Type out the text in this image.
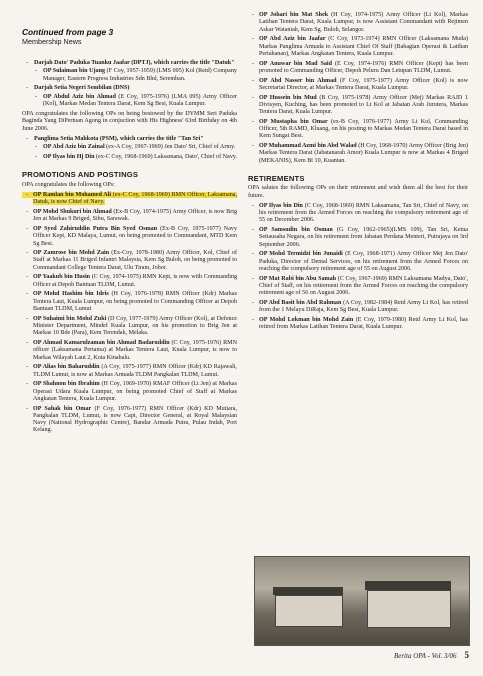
Continued from page 3
Membership News
- Darjah Dato' Paduka Tuanku Jaafar (DPTJ), which carries the title "Datuk"
- OP Sulaiman bin Ujang (F Coy, 1957-1959) (LMS 095) Kol (Retd) Company Manager, Eastern Progress Industries Sdn Bhd, Seremban.
- Darjah Setia Negeri Sembilan (DNS)
- OP Abdul Aziz bin Ahmad (E Coy, 1975-1976) (LMA 095) Army Officer (Kol), Markas Medan Tentera Darat, Kem Sg Besi, Kuala Lumpur.

OPA congratulates the following OPs on being bestowed by the DYMM Seri Paduka Baginda Yang DiPertuan Agong in conjuction with His Highness' 63rd Birthday on 4th June 2006.

- Panglima Setia Mahkota (PSM), which carries the title "Tan Sri"
- OP Abd Aziz bin Zainal (ex-A Coy, 1967-1969) Jen Dato' Sri, Chief of Army.
- OP Ilyas bin Hj Din (ex-C Coy, 1968-1969) Laksamana, Dato', Chief of Navy.
PROMOTIONS AND POSTINGS
OPA congratulates the following OPs:
- OP Ramlan bin Mohamed Ali (ex-C Coy, 1968-1969) RMN Officer, Laksamana, Datuk, is now Chief of Navy.
- OP Mohd Shukuri bin Ahmad (Ex-B Coy, 1974-1975) Army Officer, is now Brig Jen at Markas 9 Briged, Sibu, Sarawak.
- OP Syed Zahiruddin Putra Bin Syed Osman (Ex-B Coy, 1975-1977) Navy Officer Kept, KD Malaya, Lumut, on being promoted to Commandant, MTD Kem Sg Besi.
- OP Zamrose bin Mohd Zain (Ex-Coy, 1978-1980) Army Officer, Kol, Chief of Staff at Markas 11 Briged Infantri Malaysia, Kem Sg Buloh, on being promoted to Commandant College Tentera Darat, Ulu Tiram, Johor.
- OP Yaakub bin Husin (C Coy, 1974-1975) RMN Kept, is now with Commanding Officer at Depoh Bantuan TLDM, Lumut.
- OP Mohd Hashim bin Idris (H Coy, 1976-1978) RMN Officer (Kdr) Markas Tentera Laut, Kuala Lumpur, on being promoted to Commanding Officer at Depoh Bantuan TLDM, Lumut
- OP Suhaimi bin Mohd Zuki (D Coy, 1977-1979) Army Officer (Kol), at Defence Minister Department, Mindef Kuala Lumpur, on his promotion to Brig Jen at Markas 10 Bde (Para), Kem Terendak, Melaka.
- OP Ahmad Kamarulzaman bin Ahmad Badaruddin (C Coy, 1975-1976) RMN officer (Laksamana Pertama) at Markas Tentera Laut, Kuala Lumpur, is now to Markas Wilayah Laut 2, Kota Kinabalu.
- OP Alias bin Baharuddin (A Coy, 1975-1977) RMN Officer (Kdr) KD Rajawali, TLDM Lumut, is now at Markas Armada TLDM Pangkalan TLDM, Lumut.
- OP Shahnon bin Ibrahim (H Coy, 1969-1970) RMAF Officer (Lt Jen) at Markas Operasi Udara Kuala Lumpur, on being promoted Chief of Staff at Markas Angkatan Tentera, Kuala Lumpur.
- OP Sahak bin Omar (F Coy, 1976-1977) RMN Officer (Kdr) KD Mutiara, Pangkalan TLDM, Lumut, is now Capt, Director General, at Royal Malaysian Navy (National Hydrographic Centre), Bandar Armada Putra, Pulau Indah, Port Kelang.
- OP Johari bin Mat Shek (H Coy, 1974-1975) Army Officer (Lt Kol), Markas Latihan Tentera Darat, Kuala Lumpur, is now Assistant Commandant with Rejimen Askar Wataniah, Kem Sg. Buloh, Selangor.
- OP Abd Aziz bin Jaafar (C Coy, 1973-1974) RMN Officer (Laksamana Muda) Markas Panglima Armada to Assistant Chief Of Staff (Bahagian Operasi & Latihan Pertahanan), Markas Angkatan Tentera, Kuala Lumpur.
- OP Anuwar bin Mad Said (E Coy, 1974-1976) RMN Officer (Kept) has been promoted to Commanding Officer, Depoh Peluru Dan Letupan TLDM, Lumut.
- OP Abd Nasser bin Ahmad (F Coy, 1975-1977) Army Officer (Kol) is now Secretariat Director, at Markas Tentera Darat, Kuala Lumpur.
- OP Hussein bin Mud (B Coy, 1975-1978) Army Officer (Mej) Markas RAJD 1 Divisyen, Kuching, has been promoted to Lt Kol at Jabatan Arah Jurutera, Markas Tentera Darat, Kuala Lumpur.
- OP Mustapha bin Omar (ex-B Coy, 1976-1977) Army Lt Kol, Commanding Officer, 5th RAMD, Kluang, on his posting to Markas Medan Tentera Darat based in Kem Sungai Besi.
- OP Muhammad Azmi bin Abd Walad (H Coy, 1968-1970) Army Officer (Brig Jen) Markas Tentera Darat (Jabatanarah Amor) Kuala Lumpur is now at Markas 4 Briged (MEKANIS), Kem Bt 10, Kuantan.
RETIREMENTS
OPA salutes the following OPs on their retirement and wish them all the best for their future.
- OP Ilyas bin Din (C Coy, 1968-1969) RMN Laksamana, Tan Sri, Chief of Navy, on his retirement from the Armed Forces on reaching the compulsory retirement age of 55 on December 2006.
- OP Samsudin bin Osman (G Coy, 1962-1965)(LMS 109), Tan Sri, Ketua Setiausaha Negara, on his retirement from Jabatan Perdana Menteri, Putrajaya on 3rd September 2006.
- OP Mohd Termidzi bin Junaidi (E Coy, 1968-1971) Army Officer Mej Jen Dato' Paduka, Director of Dental Services, on his retirement from the Armed Forces on reaching the compulsory retirement age of 55 on August 2006.
- OP Mat Rabi bin Abu Samah (C Coy, 1967-1969) RMN Laksamana Madya, Dato', Chief of Staff, on his retirement from the Armed Forces on reaching the compulsory retirement age of 56 on August 2006.
- OP Abd Basit bin Abd Rahman (A Coy, 1982-1984) Retd Army Lt Kol, has retired from the 1 Melayu DiRaja, Kem Sg Besi, Kuala Lumpur.
- OP Mohd Lokman bin Mohd Zain (E Coy, 1979-1980) Retd Army Lt Kol, has retired from Markas Latihan Tentera Darat, Kuala Lumpur.
Berita OPA - Vol. 3/06 5
